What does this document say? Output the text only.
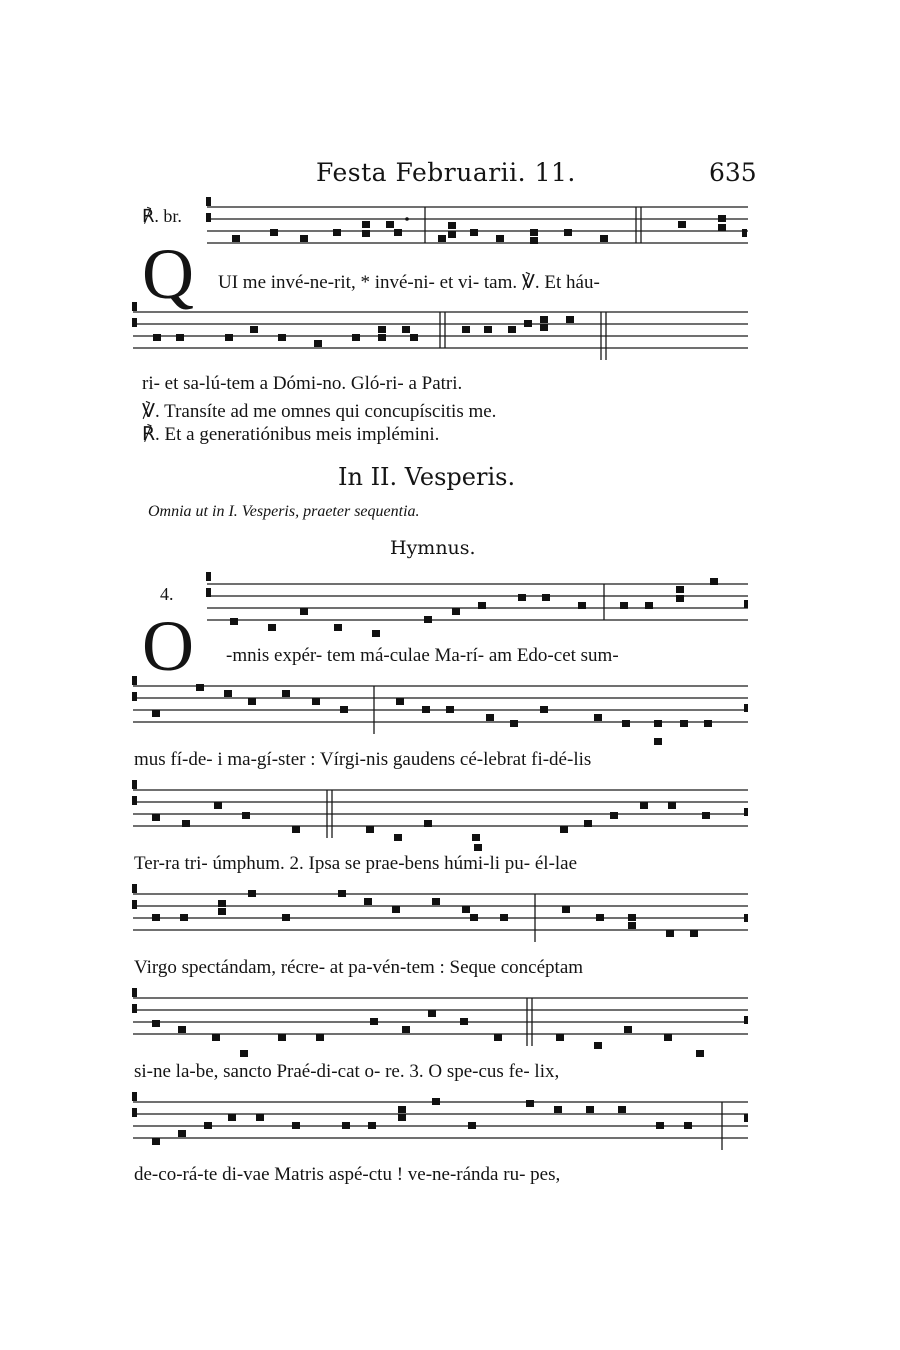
Festa Februarii. 11.	635
℟. br.
Q UI me invé-ne-rit, * invé-ni- et vi- tam. ℣. Et háu-
ri- et sa-lú-tem a Dómi-no. Gló-ri- a Patri.
℣. Transíte ad me omnes qui concupíscitis me.
℟. Et a generatiónibus meis implémini.
In II. Vesperis.
Omnia ut in I. Vesperis, praeter sequentia.
Hymnus.
4.
O -mnis expér- tem má-culae Ma-rí- am Edo-cet sum-
mus fí-de- i ma-gí-ster : Vírgi-nis gaudens cé-lebrat fi-dé-lis
Ter-ra tri- úmphum. 2. Ipsa se prae-bens húmi-li pu- él-lae
Virgo spectándam, récre- at pa-vén-tem : Seque concéptam
si-ne la-be, sancto Praé-di-cat o- re. 3. O spe-cus fe- lix,
de-co-rá-te di-vae Matris aspé-ctu ! ve-ne-ránda ru- pes,
